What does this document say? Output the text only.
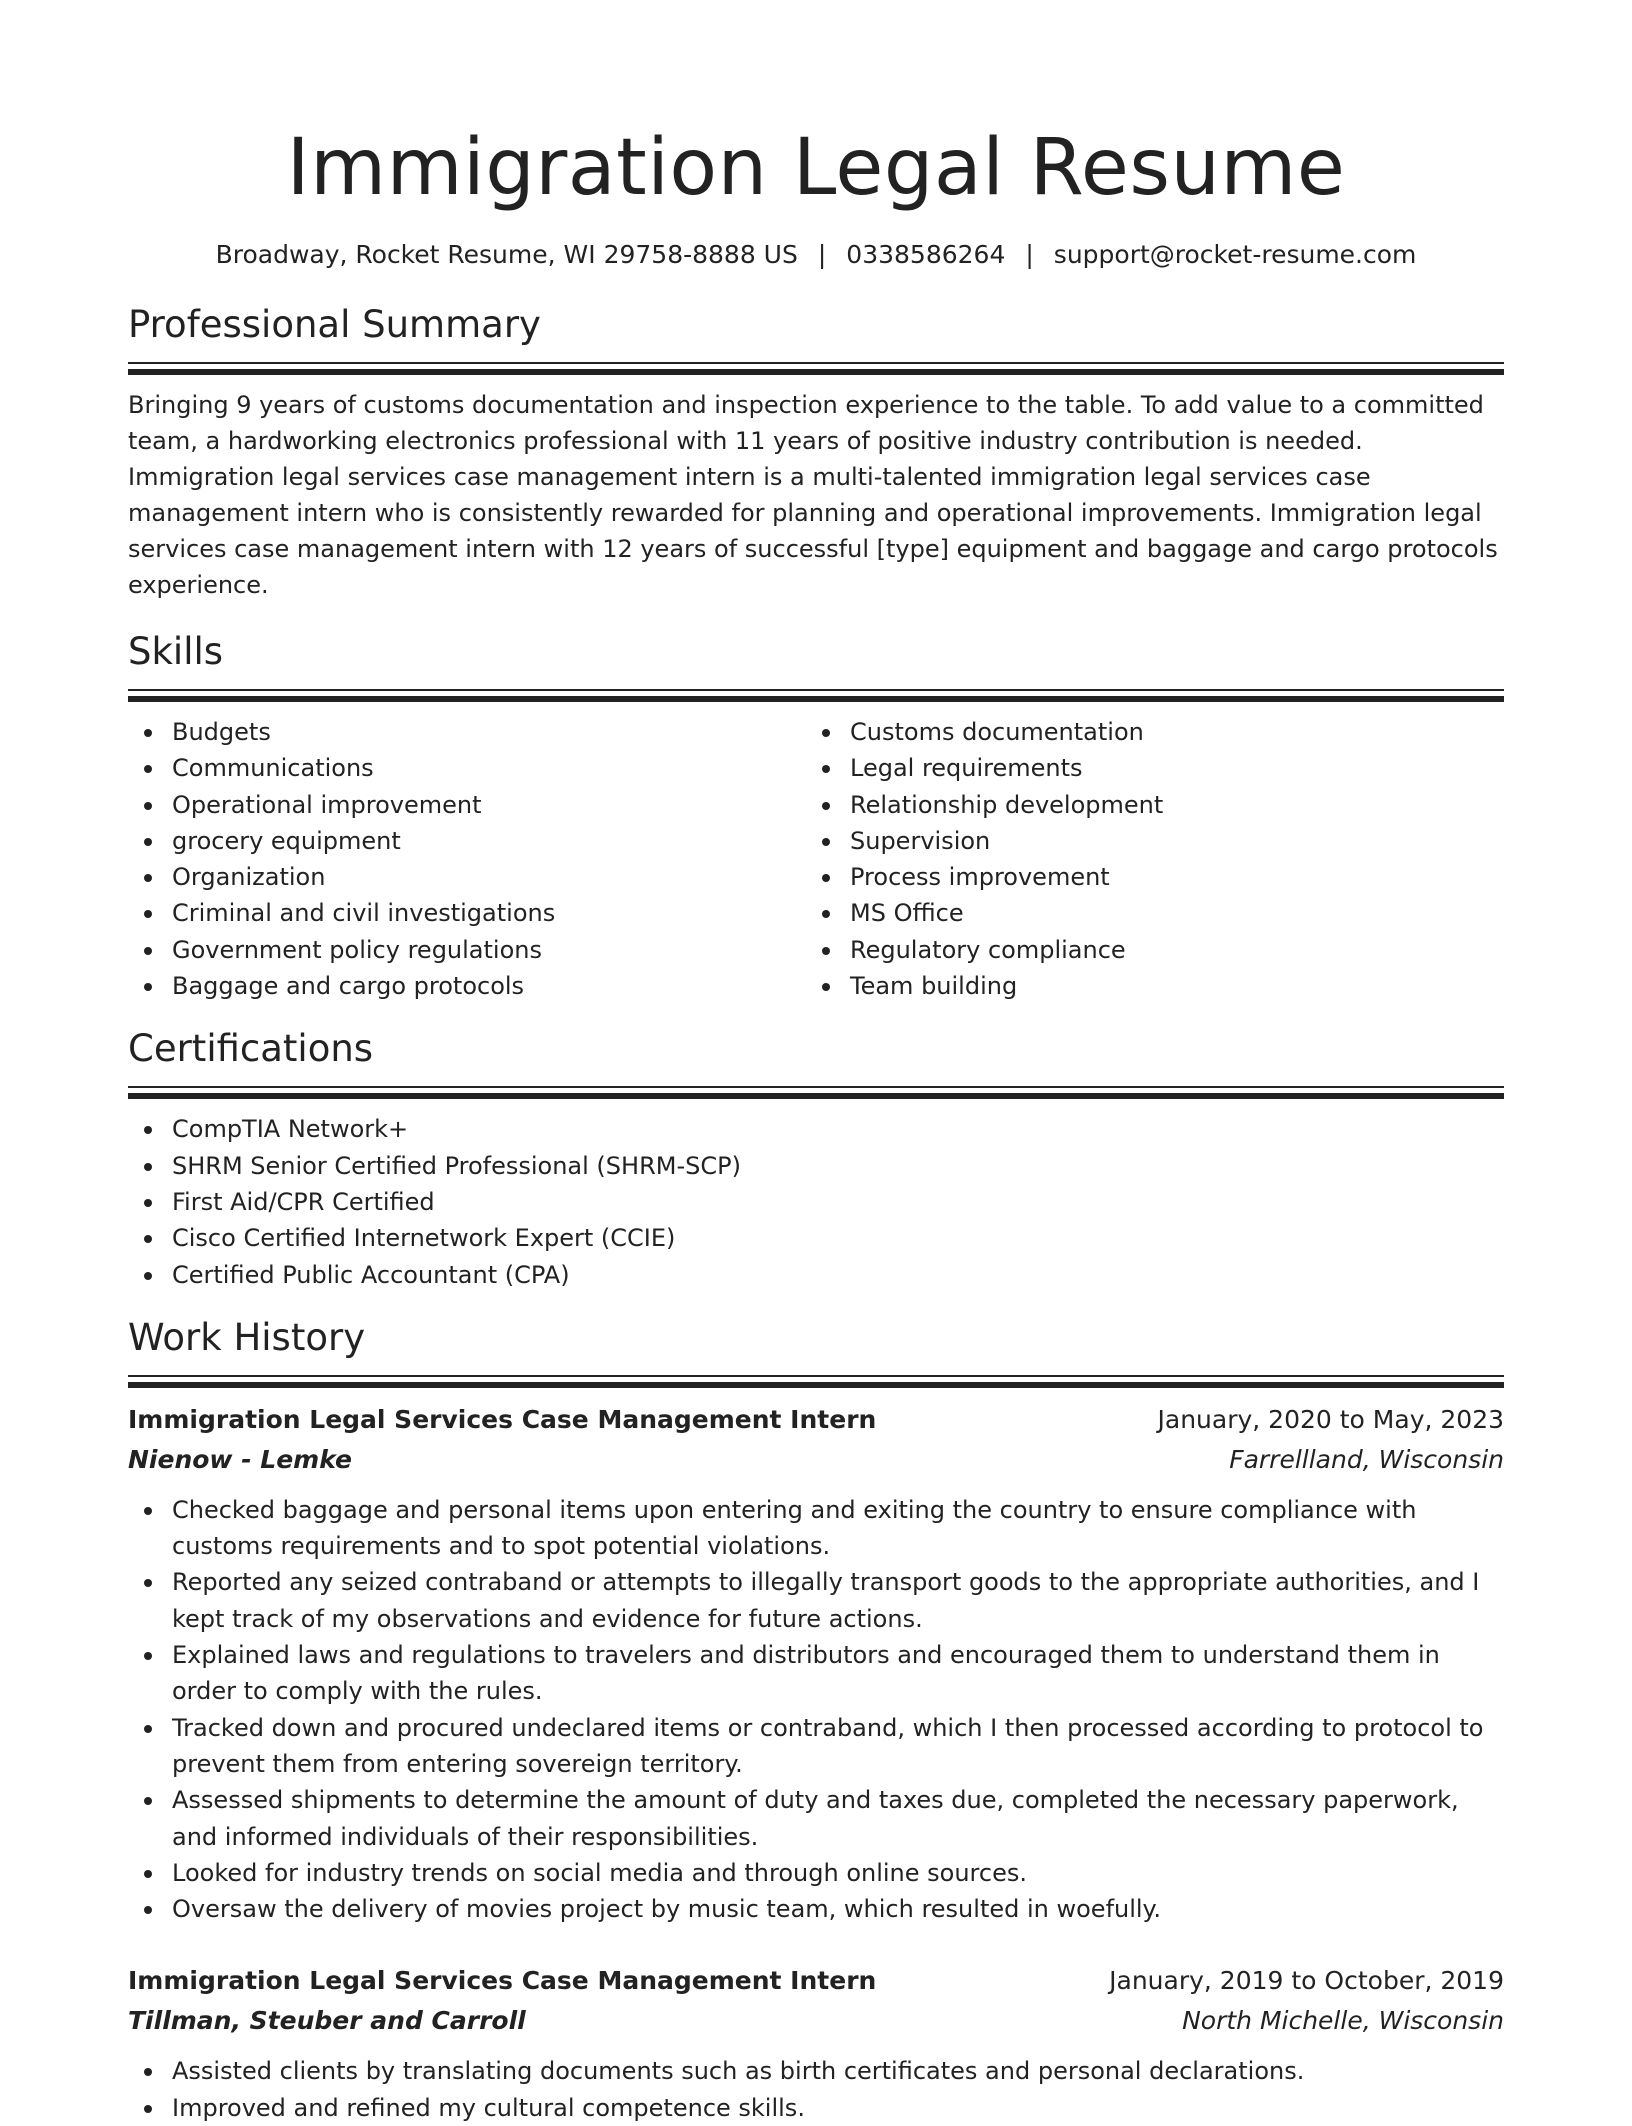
Immigration Legal Resume
Broadway, Rocket Resume, WI 29758-8888 US | 0338586264 | support@rocket-resume.com
Professional Summary

Bringing 9 years of customs documentation and inspection experience to the table. To add value to a committed team, a hardworking electronics professional with 11 years of positive industry contribution is needed. Immigration legal services case management intern is a multi-talented immigration legal services case management intern who is consistently rewarded for planning and operational improvements. Immigration legal services case management intern with 12 years of successful [type] equipment and baggage and cargo protocols experience.

Skills
Budgets
Communications
Operational improvement
grocery equipment
Organization
Criminal and civil investigations
Government policy regulations
Baggage and cargo protocols
Customs documentation
Legal requirements
Relationship development
Supervision
Process improvement
MS Office
Regulatory compliance
Team building
Certifications
CompTIA Network+
SHRM Senior Certified Professional (SHRM-SCP)
First Aid/CPR Certified
Cisco Certified Internetwork Expert (CCIE)
Certified Public Accountant (CPA)
Work History
Immigration Legal Services Case Management Intern	January, 2020 to May, 2023
Nienow - Lemke	Farrellland, Wisconsin
Checked baggage and personal items upon entering and exiting the country to ensure compliance with customs requirements and to spot potential violations.
Reported any seized contraband or attempts to illegally transport goods to the appropriate authorities, and I kept track of my observations and evidence for future actions.
Explained laws and regulations to travelers and distributors and encouraged them to understand them in order to comply with the rules.
Tracked down and procured undeclared items or contraband, which I then processed according to protocol to prevent them from entering sovereign territory.
Assessed shipments to determine the amount of duty and taxes due, completed the necessary paperwork, and informed individuals of their responsibilities.
Looked for industry trends on social media and through online sources.
Oversaw the delivery of movies project by music team, which resulted in woefully.
Immigration Legal Services Case Management Intern	January, 2019 to October, 2019
Tillman, Steuber and Carroll	North Michelle, Wisconsin
Assisted clients by translating documents such as birth certificates and personal declarations.
Improved and refined my cultural competence skills.
